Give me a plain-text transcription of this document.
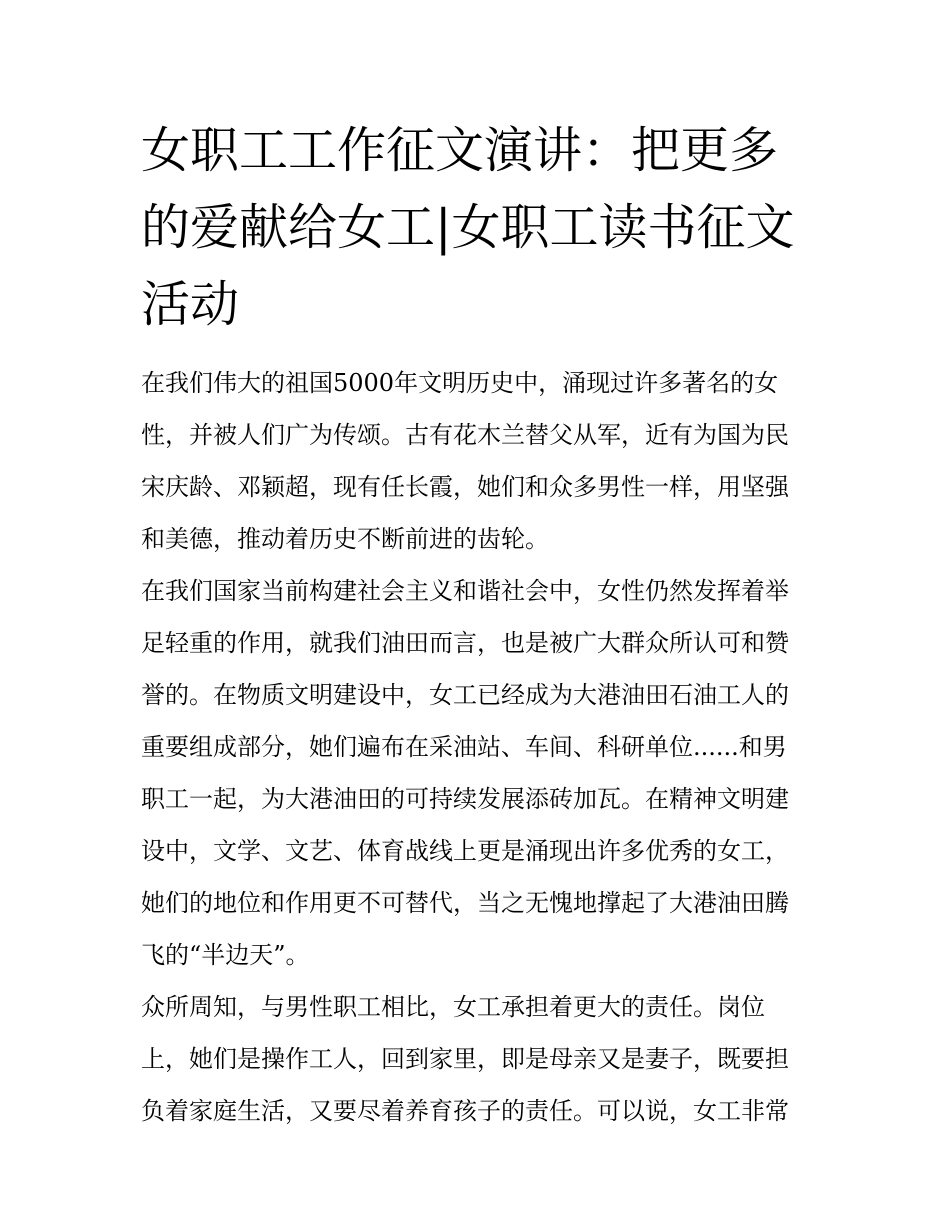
女职工工作征文演讲：把更多
的爱献给女工|女职工读书征文
活动

在我们伟大的祖国5000年文明历史中，涌现过许多著名的女
性，并被人们广为传颂。古有花木兰替父从军，近有为国为民
宋庆龄、邓颖超，现有任长霞，她们和众多男性一样，用坚强
和美德，推动着历史不断前进的齿轮。

在我们国家当前构建社会主义和谐社会中，女性仍然发挥着举
足轻重的作用，就我们油田而言，也是被广大群众所认可和赞
誉的。在物质文明建设中，女工已经成为大港油田石油工人的
重要组成部分，她们遍布在采油站、车间、科研单位......和男
职工一起，为大港油田的可持续发展添砖加瓦。在精神文明建
设中，文学、文艺、体育战线上更是涌现出许多优秀的女工，
她们的地位和作用更不可替代，当之无愧地撑起了大港油田腾
飞的“半边天”。

众所周知，与男性职工相比，女工承担着更大的责任。岗位
上，她们是操作工人，回到家里，即是母亲又是妻子，既要担
负着家庭生活，又要尽着养育孩子的责任。可以说，女工非常
